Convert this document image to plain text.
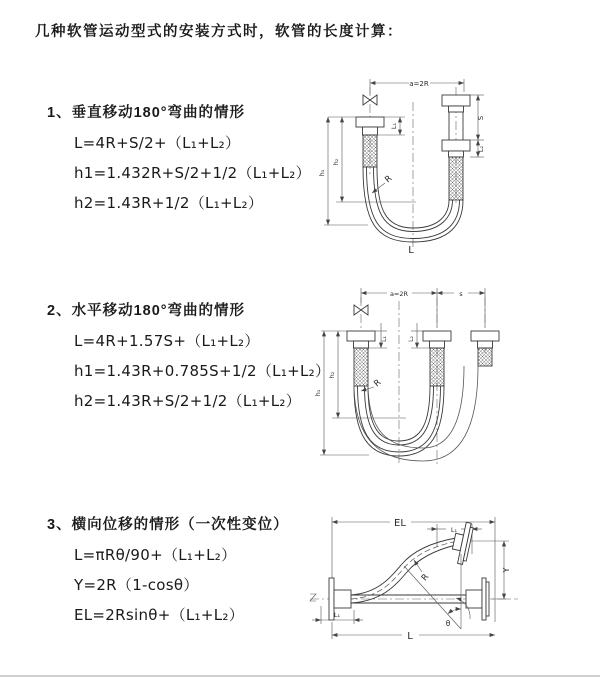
几种软管运动型式的安装方式时，软管的长度计算：
1、垂直移动180°弯曲的情形

L=4R+S/2+（L₁+L₂）

h1=1.432R+S/2+1/2（L₁+L₂）

h2=1.43R+1/2（L₁+L₂）

a=2R
L₁
S
L₂
h₂
h₁
R
L
2、水平移动180°弯曲的情形

L=4R+1.57S+（L₁+L₂）

h1=1.43R+0.785S+1/2（L₁+L₂）

h2=1.43R+S/2+1/2（L₁+L₂）

a=2R	s
L₁	L₂
h₂
h₁
R
3、横向位移的情形（一次性变位）

L=πRθ/90+（L₁+L₂）

Y=2R（1-cosθ）

EL=2Rsinθ+（L₁+L₂）

EL
L₁
Y
θ
R
L
L₁
